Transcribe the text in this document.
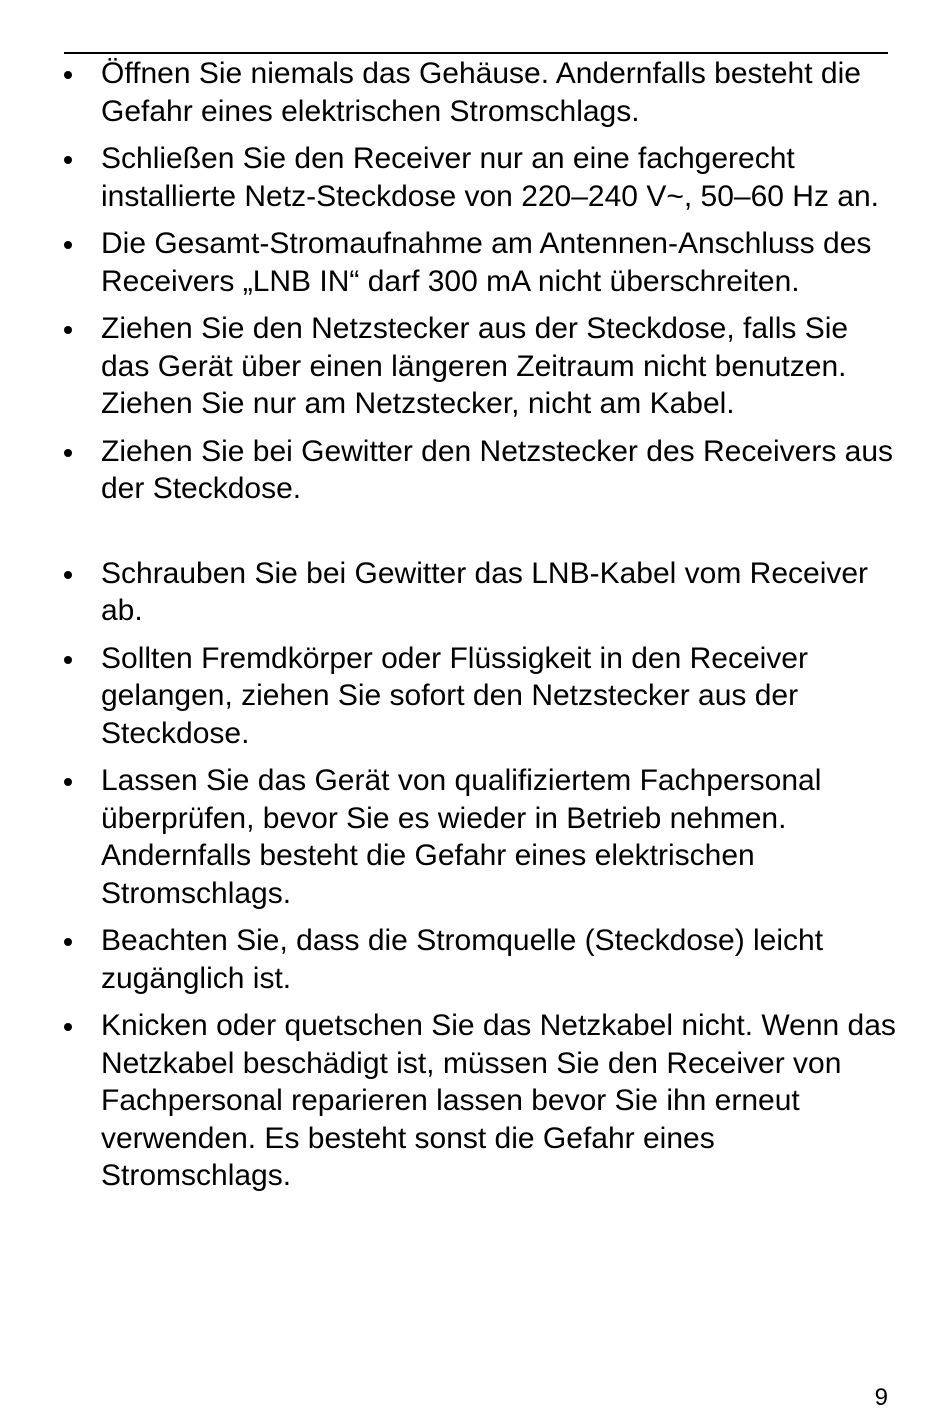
Öffnen Sie niemals das Gehäuse. Andernfalls besteht die Gefahr eines elektrischen Stromschlags.
Schließen Sie den Receiver nur an eine fachgerecht installierte Netz-Steckdose von 220–240 V~, 50–60 Hz an.
Die Gesamt-Stromaufnahme am Antennen-Anschluss des Receivers „LNB IN“ darf 300 mA nicht überschreiten.
Ziehen Sie den Netzstecker aus der Steckdose, falls Sie das Gerät über einen längeren Zeitraum nicht benutzen. Ziehen Sie nur am Netzstecker, nicht am Kabel.
Ziehen Sie bei Gewitter den Netzstecker des Receivers aus der Steckdose.
Schrauben Sie bei Gewitter das LNB-Kabel vom Receiver ab.
Sollten Fremdkörper oder Flüssigkeit in den Receiver gelangen, ziehen Sie sofort den Netzstecker aus der Steckdose.
Lassen Sie das Gerät von qualifiziertem Fachpersonal überprüfen, bevor Sie es wieder in Betrieb nehmen. Andernfalls besteht die Gefahr eines elektrischen Stromschlags.
Beachten Sie, dass die Stromquelle (Steckdose) leicht zugänglich ist.
Knicken oder quetschen Sie das Netzkabel nicht. Wenn das Netzkabel beschädigt ist, müssen Sie den Receiver von Fachpersonal reparieren lassen bevor Sie ihn erneut verwenden. Es besteht sonst die Gefahr eines Stromschlags.
9
